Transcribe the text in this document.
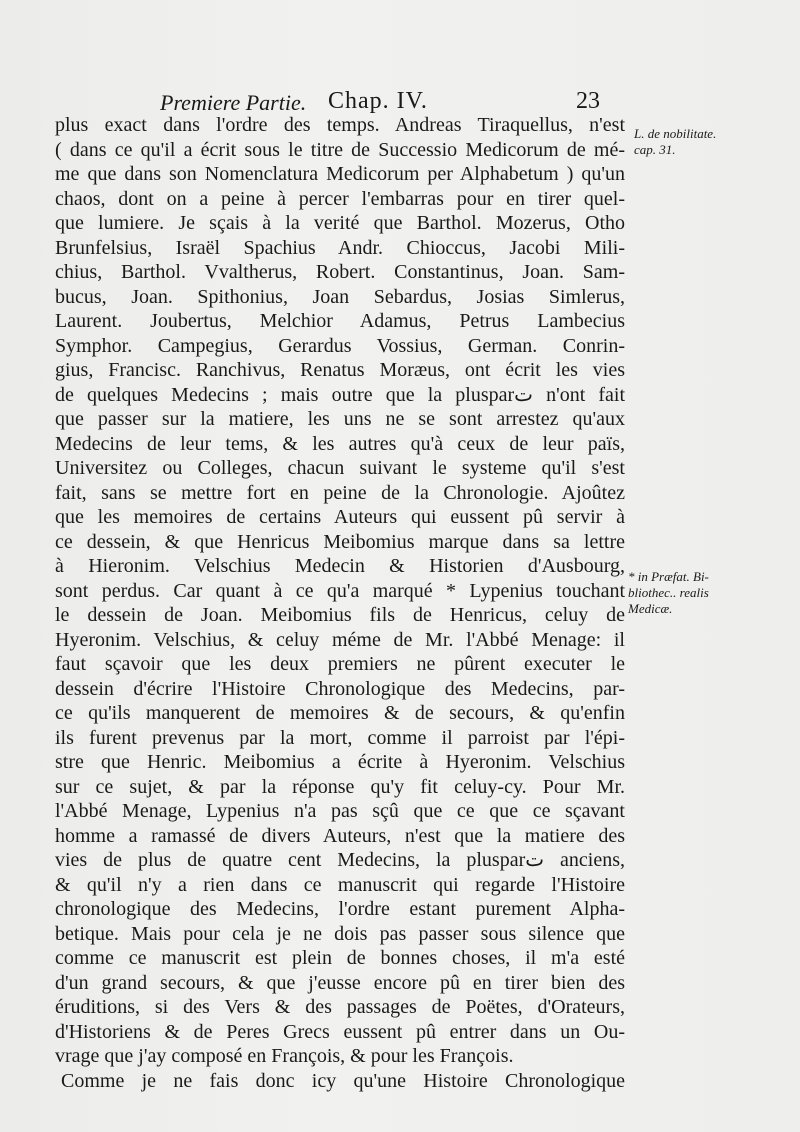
Premiere Partie. Chap. IV.	23
plus exact dans l'ordre des temps. Andreas Tiraquellus, n'est
( dans ce qu'il a écrit sous le titre de Successio Medicorum de mé-
me que dans son Nomenclatura Medicorum per Alphabetum ) qu'un
chaos, dont on a peine à percer l'embarras pour en tirer quel-
que lumiere. Je sçais à la verité que Barthol. Mozerus, Otho
Brunfelsius, Israël Spachius Andr. Chioccus, Jacobi Mili-
chius, Barthol. Vvaltherus, Robert. Constantinus, Joan. Sam-
bucus, Joan. Spithonius, Joan Sebardus, Josias Simlerus,
Laurent. Joubertus, Melchior Adamus, Petrus Lambecius
Symphor. Campegius, Gerardus Vossius, German. Conrin-
gius, Francisc. Ranchivus, Renatus Moræus, ont écrit les vies
de quelques Medecins ; mais outre que la plusparت n'ont fait
que passer sur la matiere, les uns ne se sont arrestez qu'aux
Medecins de leur tems, & les autres qu'à ceux de leur païs,
Universitez ou Colleges, chacun suivant le systeme qu'il s'est
fait, sans se mettre fort en peine de la Chronologie. Ajoûtez
que les memoires de certains Auteurs qui eussent pû servir à
ce dessein, & que Henricus Meibomius marque dans sa lettre
à Hieronim. Velschius Medecin & Historien d'Ausbourg,
sont perdus. Car quant à ce qu'a marqué * Lypenius touchant
le dessein de Joan. Meibomius fils de Henricus, celuy de
Hyeronim. Velschius, & celuy méme de Mr. l'Abbé Menage: il
faut sçavoir que les deux premiers ne pûrent executer le
dessein d'écrire l'Histoire Chronologique des Medecins, par-
ce qu'ils manquerent de memoires & de secours, & qu'enfin
ils furent prevenus par la mort, comme il parroist par l'épi-
stre que Henric. Meibomius a écrite à Hyeronim. Velschius
sur ce sujet, & par la réponse qu'y fit celuy-cy. Pour Mr.
l'Abbé Menage, Lypenius n'a pas sçû que ce que ce sçavant
homme a ramassé de divers Auteurs, n'est que la matiere des
vies de plus de quatre cent Medecins, la plusparت anciens,
& qu'il n'y a rien dans ce manuscrit qui regarde l'Histoire
chronologique des Medecins, l'ordre estant purement Alpha-
betique. Mais pour cela je ne dois pas passer sous silence que
comme ce manuscrit est plein de bonnes choses, il m'a esté
d'un grand secours, & que j'eusse encore pû en tirer bien des
éruditions, si des Vers & des passages de Poëtes, d'Orateurs,
d'Historiens & de Peres Grecs eussent pû entrer dans un Ou-
vrage que j'ay composé en François, & pour les François.
Comme je ne fais donc icy qu'une Histoire Chronologique
L. de nobilitate.
cap. 31.
* in Præfat. Bi-
bliothec.. realis
Medicæ.
